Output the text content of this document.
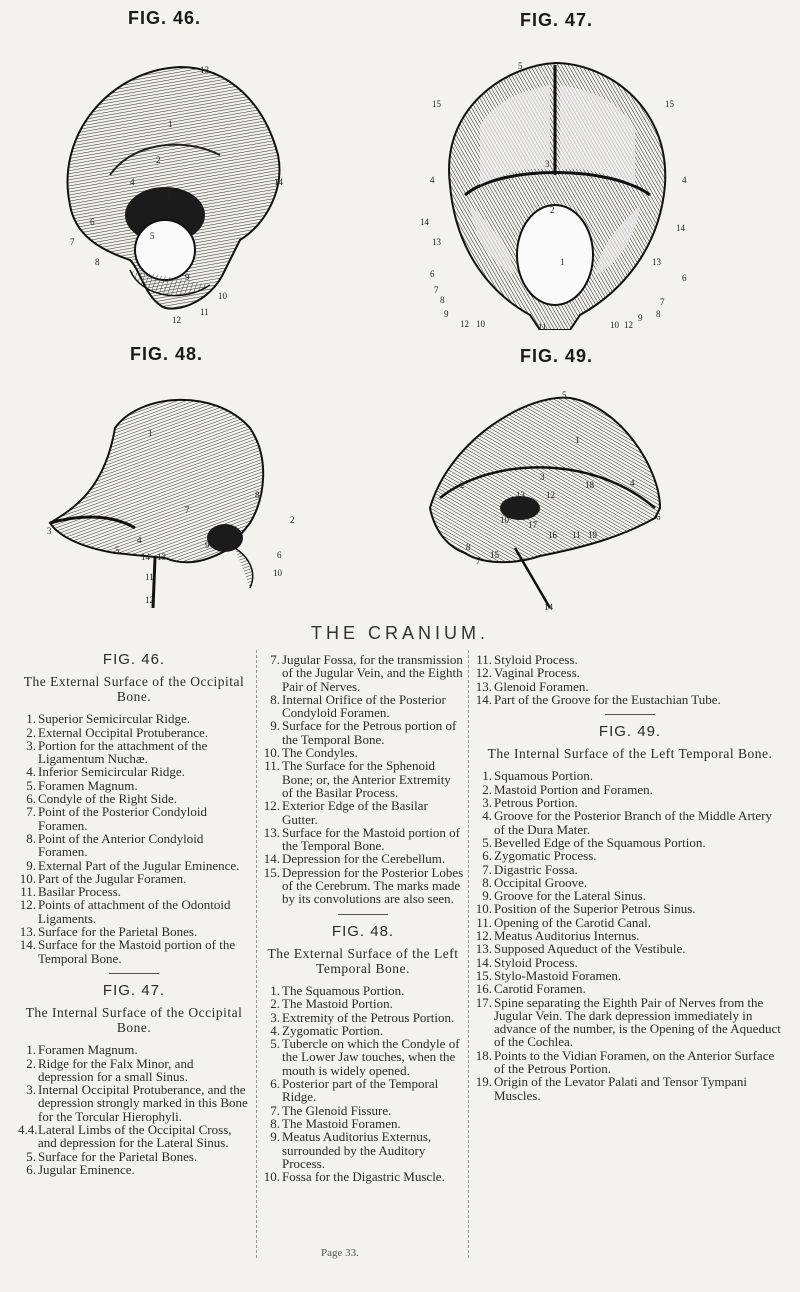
FIG. 46.	FIG. 47.
FIG. 48.	FIG. 49.
13
1
2
4
3
14
6
5
7
8
9
10
11
12
5
15	15
4	4
14
14
3
2
13
13
1
6	6
7
7
8
8
9
12 10	11	10 12
9
1
2
3
5
4
14 13
11
6
10
9
7
8
12
5
1
3
2
13 12
4
18
6
16 11
8
7
19
15
17
10
14
THE CRANIUM.
FIG. 46.
The External Surface of the Occipital Bone.
1 . Superior Semicircular Ridge.
2 . External Occipital Protuberance.
3 . Portion for the attachment of the Ligamentum Nuchæ.
4 . Inferior Semicircular Ridge.
5 . Foramen Magnum.
6 . Condyle of the Right Side.
7 . Point of the Posterior Condyloid Foramen.
8 . Point of the Anterior Condyloid Foramen.
9 . External Part of the Jugular Eminence.
10 . Part of the Jugular Foramen.
11 . Basilar Process.
12 . Points of attachment of the Odontoid Ligaments.
13 . Surface for the Parietal Bones.
14 . Surface for the Mastoid portion of the Temporal Bone.
FIG. 47.
The Internal Surface of the Occipital Bone.
1 . Foramen Magnum.
2 . Ridge for the Falx Minor, and depression for a small Sinus.
3 . Internal Occipital Protuberance, and the depression strongly marked in this Bone for the Torcular Hierophyli.
4.4 . Lateral Limbs of the Occipital Cross, and depression for the Lateral Sinus.
5 . Surface for the Parietal Bones.
6 . Jugular Eminence.
7 . Jugular Fossa, for the transmission of the Jugular Vein, and the Eighth Pair of Nerves.
8 . Internal Orifice of the Posterior Condyloid Foramen.
9 . Surface for the Petrous portion of the Temporal Bone.
10 . The Condyles.
11 . The Surface for the Sphenoid Bone; or, the Anterior Extremity of the Basilar Process.
12 . Exterior Edge of the Basilar Gutter.
13 . Surface for the Mastoid portion of the Temporal Bone.
14 . Depression for the Cerebellum.
15 . Depression for the Posterior Lobes of the Cerebrum. The marks made by its convolutions are also seen.
FIG. 48.
The External Surface of the Left Temporal Bone.
1 . The Squamous Portion.
2 . The Mastoid Portion.
3 . Extremity of the Petrous Portion.
4 . Zygomatic Portion.
5 . Tubercle on which the Condyle of the Lower Jaw touches, when the mouth is widely opened.
6 . Posterior part of the Temporal Ridge.
7 . The Glenoid Fissure.
8 . The Mastoid Foramen.
9 . Meatus Auditorius Externus, surrounded by the Auditory Process.
10 . Fossa for the Digastric Muscle.
11 . Styloid Process.
12 . Vaginal Process.
13 . Glenoid Foramen.
14 . Part of the Groove for the Eustachian Tube.
FIG. 49.
The Internal Surface of the Left Temporal Bone.
1 . Squamous Portion.
2 . Mastoid Portion and Foramen.
3 . Petrous Portion.
4 . Groove for the Posterior Branch of the Middle Artery of the Dura Mater.
5 . Bevelled Edge of the Squamous Portion.
6 . Zygomatic Process.
7 . Digastric Fossa.
8 . Occipital Groove.
9 . Groove for the Lateral Sinus.
10 . Position of the Superior Petrous Sinus.
11 . Opening of the Carotid Canal.
12 . Meatus Auditorius Internus.
13 . Supposed Aqueduct of the Vestibule.
14 . Styloid Process.
15 . Stylo-Mastoid Foramen.
16 . Carotid Foramen.
17 . Spine separating the Eighth Pair of Nerves from the Jugular Vein. The dark depression immediately in advance of the number, is the Opening of the Aqueduct of the Cochlea.
18 . Points to the Vidian Foramen, on the Anterior Surface of the Petrous Portion.
19 . Origin of the Levator Palati and Tensor Tympani Muscles.
Page 33.
